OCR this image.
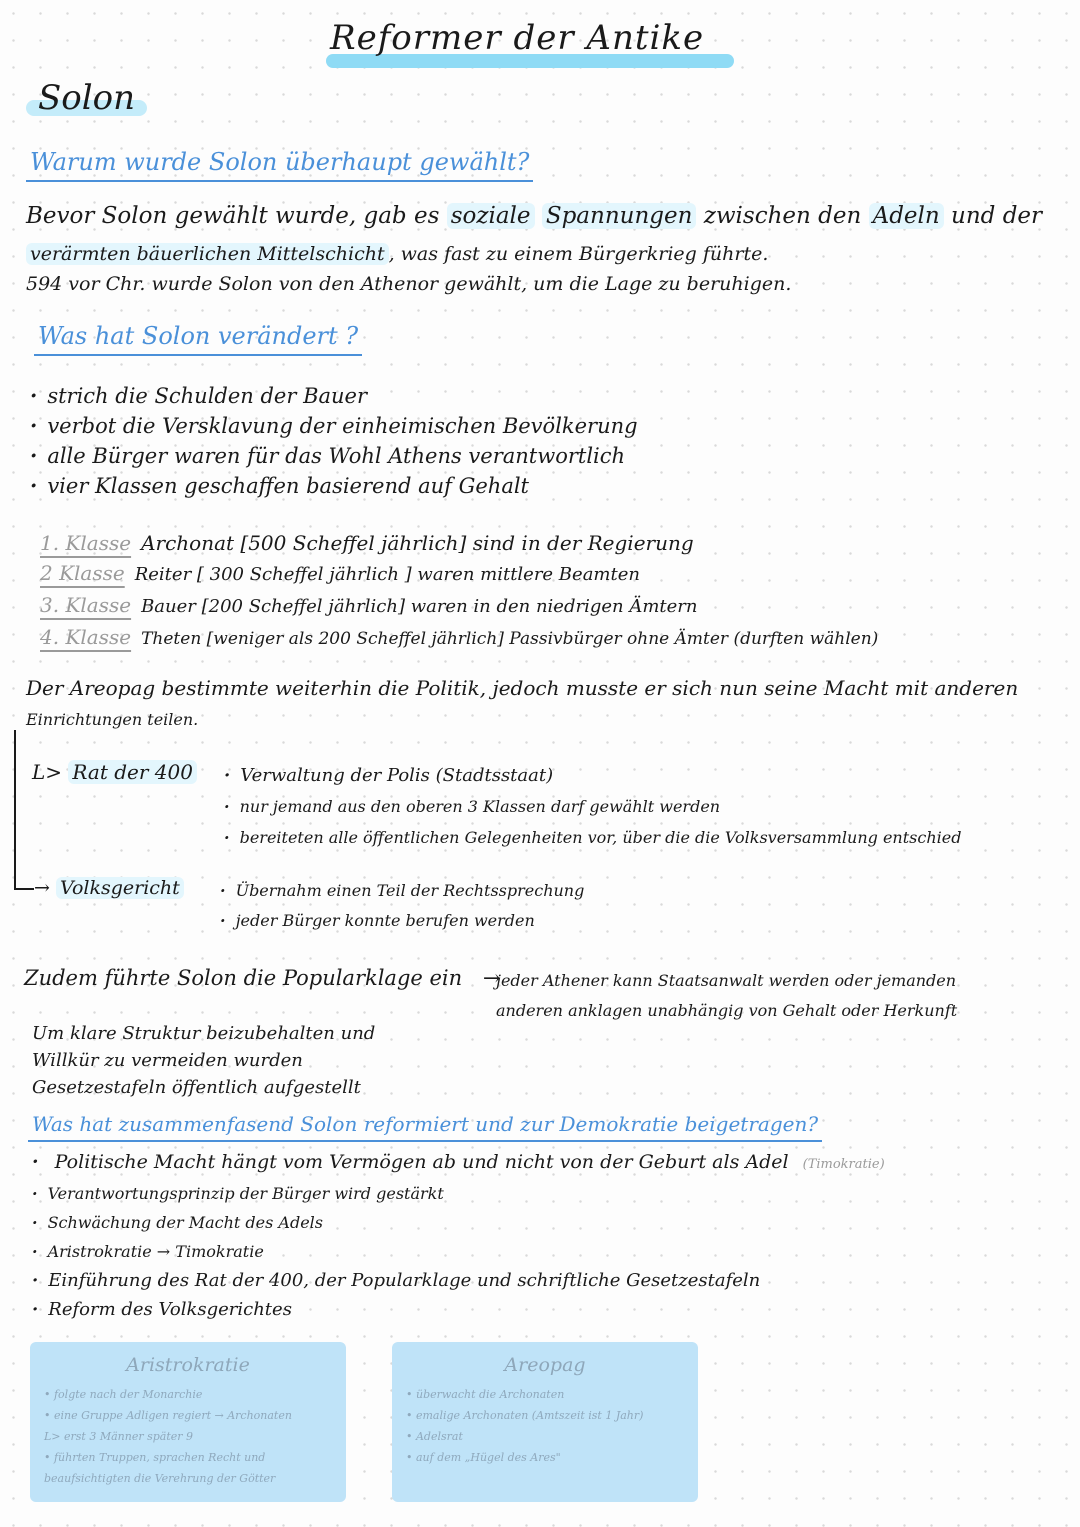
Reformer der Antike
Solon
Warum wurde Solon überhaupt gewählt?
Bevor Solon gewählt wurde, gab es soziale Spannungen zwischen den Adeln und der
verärmten bäuerlichen Mittelschicht , was fast zu einem Bürgerkrieg führte.
594 vor Chr. wurde Solon von den Athenor gewählt, um die Lage zu beruhigen.
Was hat Solon verändert ?
· strich die Schulden der Bauer
· verbot die Versklavung der einheimischen Bevölkerung
· alle Bürger waren für das Wohl Athens verantwortlich
· vier Klassen geschaffen basierend auf Gehalt
1. Klasse Archonat [500 Scheffel jährlich] sind in der Regierung
2 Klasse Reiter [ 300 Scheffel jährlich ] waren mittlere Beamten
3. Klasse Bauer [200 Scheffel jährlich] waren in den niedrigen Ämtern
4. Klasse Theten [weniger als 200 Scheffel jährlich] Passivbürger ohne Ämter (durften wählen)
Der Areopag bestimmte weiterhin die Politik, jedoch musste er sich nun seine Macht mit anderen
Einrichtungen teilen.
L> Rat der 400	· Verwaltung der Polis (Stadtsstaat)
· nur jemand aus den oberen 3 Klassen darf gewählt werden
· bereiteten alle öffentlichen Gelegenheiten vor, über die die Volksversammlung entschied
→ Volksgericht	· Übernahm einen Teil der Rechtssprechung
· jeder Bürger konnte berufen werden
Zudem führte Solon die Popularklage ein →
jeder Athener kann Staatsanwalt werden oder jemanden
anderen anklagen unabhängig von Gehalt oder Herkunft
Um klare Struktur beizubehalten und
Willkür zu vermeiden wurden
Gesetzestafeln öffentlich aufgestellt
Was hat zusammenfasend Solon reformiert und zur Demokratie beigetragen?
· Politische Macht hängt vom Vermögen ab und nicht von der Geburt als Adel (Timokratie)
· Verantwortungsprinzip der Bürger wird gestärkt
· Schwächung der Macht des Adels
· Aristrokratie → Timokratie
· Einführung des Rat der 400, der Popularklage und schriftliche Gesetzestafeln
· Reform des Volksgerichtes
Aristrokratie
• folgte nach der Monarchie
• eine Gruppe Adligen regiert → Archonaten
L> erst 3 Männer später 9
• führten Truppen, sprachen Recht und
beaufsichtigten die Verehrung der Götter
Areopag
• überwacht die Archonaten
• emalige Archonaten (Amtszeit ist 1 Jahr)
• Adelsrat
• auf dem „Hügel des Ares"
